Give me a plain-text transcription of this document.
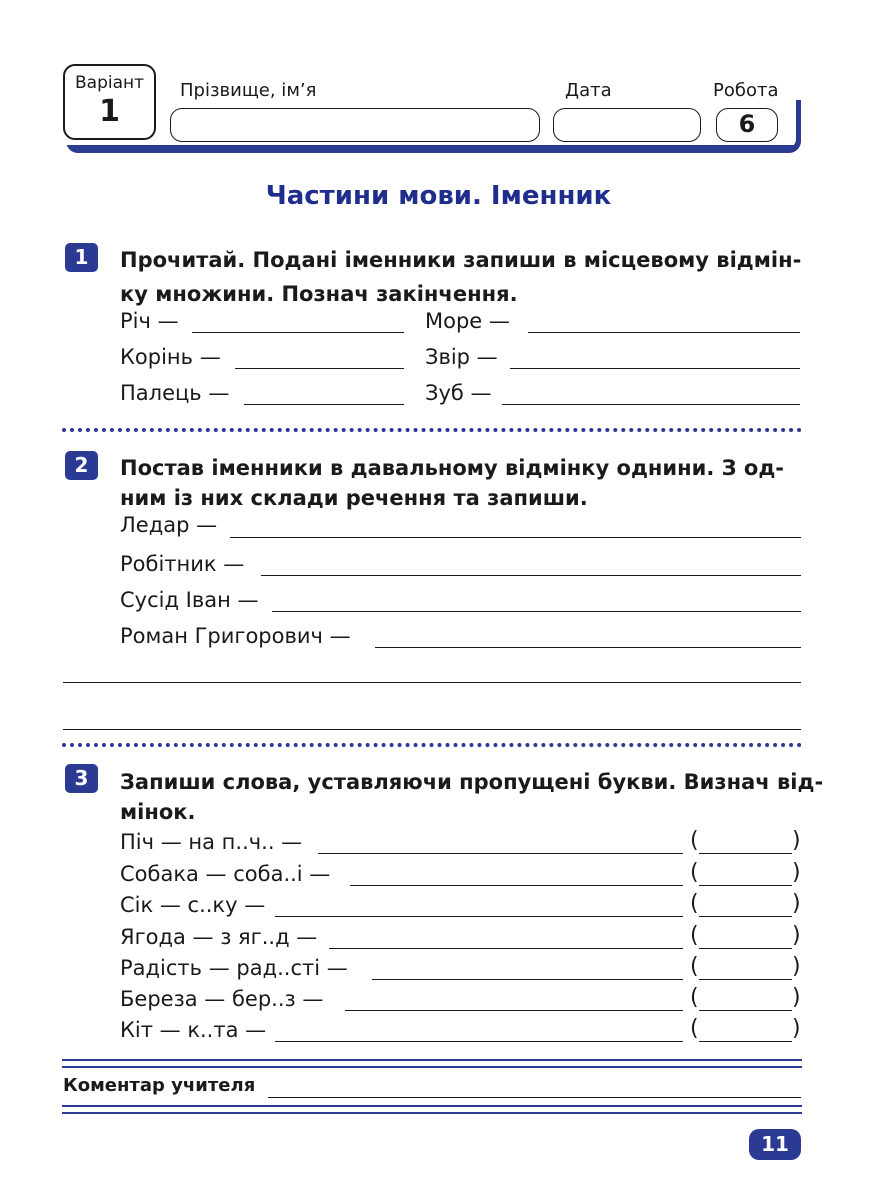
Варіант
1
Прізвище, ім’я	Дата	Робота
6
Частини мови. Іменник
1	Прочитай. Подані іменники запиши в місцевому відмін-
ку множини. Познач закінчення.
Річ —	Море —
Корінь —	Звір —
Палець —	Зуб —
2	Постав іменники в давальному відмінку однини. З од-
ним із них склади речення та запиши.
Ледар —
Робітник —
Сусід Іван —
Роман Григорович —
3	Запиши слова, уставляючи пропущені букви. Визнач від-
мінок.
Піч — на п..ч.. —	(	)
Собака — соба..і —	(	)
Сік — с..ку —	(	)
Ягода — з яг..д —	(	)
Радість — рад..сті —	(	)
Береза — бер..з —	(	)
Кіт — к..та —	(	)
Коментар учителя
11
